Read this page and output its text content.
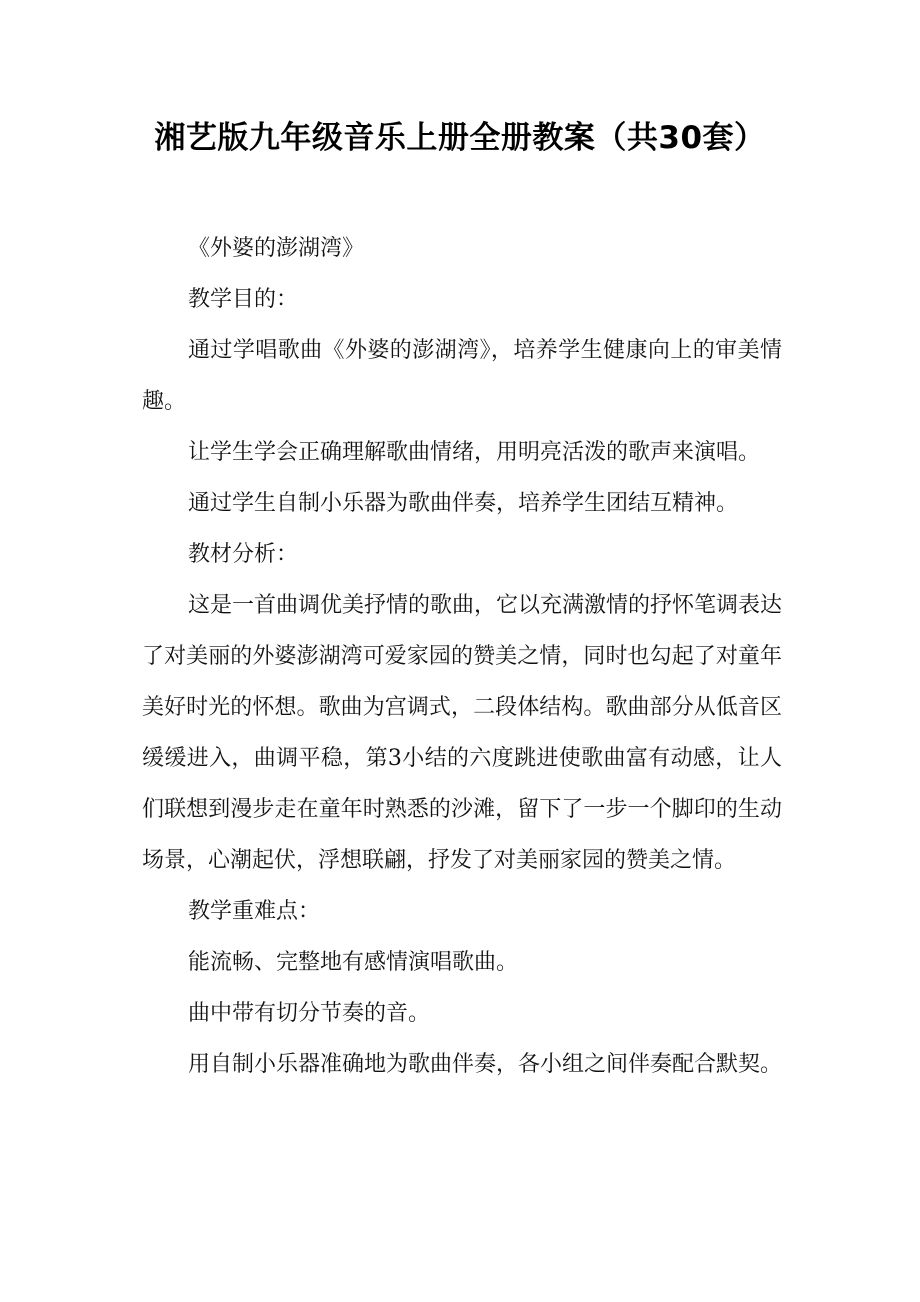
湘艺版九年级音乐上册全册教案（共30套）

《外婆的澎湖湾》

教学目的：

通过学唱歌曲《外婆的澎湖湾》，培养学生健康向上的审美情趣。

让学生学会正确理解歌曲情绪，用明亮活泼的歌声来演唱。

通过学生自制小乐器为歌曲伴奏，培养学生团结互精神。

教材分析：

这是一首曲调优美抒情的歌曲，它以充满激情的抒怀笔调表达了对美丽的外婆澎湖湾可爱家园的赞美之情，同时也勾起了对童年美好时光的怀想。歌曲为宫调式，二段体结构。歌曲部分从低音区缓缓进入，曲调平稳，第3小结的六度跳进使歌曲富有动感，让人们联想到漫步走在童年时熟悉的沙滩，留下了一步一个脚印的生动场景，心潮起伏，浮想联翩，抒发了对美丽家园的赞美之情。

教学重难点：

能流畅、完整地有感情演唱歌曲。

曲中带有切分节奏的音。

用自制小乐器准确地为歌曲伴奏，各小组之间伴奏配合默契。
